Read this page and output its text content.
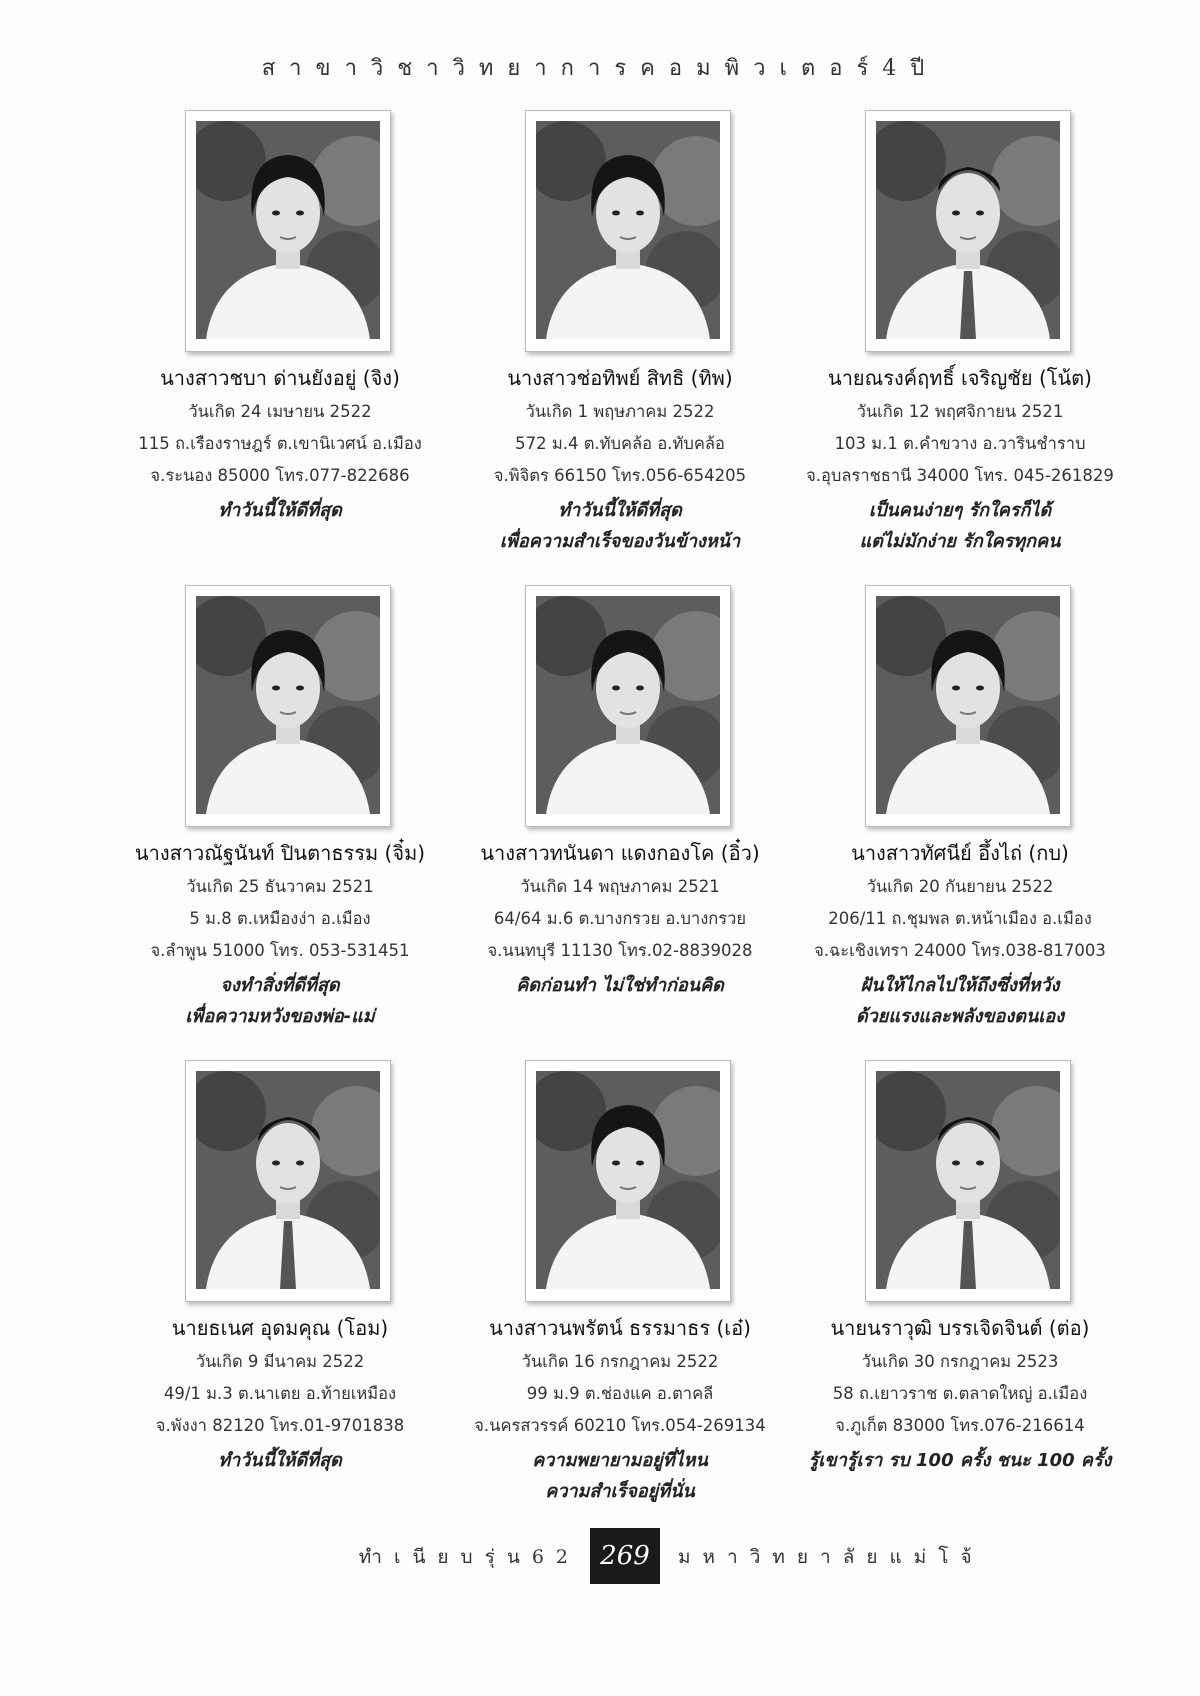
สาขาวิชาวิทยาการคอมพิวเตอร์4ปี

นางสาวชบา ด่านยังอยู่ (จิง)

วันเกิด 24 เมษายน 2522

115 ถ.เรืองราษฎร์ ต.เขานิเวศน์ อ.เมือง

จ.ระนอง 85000 โทร.077-822686

ทำวันนี้ให้ดีที่สุด

นางสาวช่อทิพย์ สิทธิ (ทิพ)

วันเกิด 1 พฤษภาคม 2522

572 ม.4 ต.ทับคล้อ อ.ทับคล้อ

จ.พิจิตร 66150 โทร.056-654205

ทำวันนี้ให้ดีที่สุด

เพื่อความสำเร็จของวันข้างหน้า

นายณรงค์ฤทธิ์ เจริญชัย (โน้ต)

วันเกิด 12 พฤศจิกายน 2521

103 ม.1 ต.คำขวาง อ.วารินชำราบ

จ.อุบลราชธานี 34000 โทร. 045-261829

เป็นคนง่ายๆ รักใครก็ได้

แต่ไม่มักง่าย รักใครทุกคน

นางสาวณัฐนันท์ ปินตาธรรม (จิ๋ม)

วันเกิด 25 ธันวาคม 2521

5 ม.8 ต.เหมืองง่า อ.เมือง

จ.ลำพูน 51000 โทร. 053-531451

จงทำสิ่งที่ดีที่สุด

เพื่อความหวังของพ่อ-แม่

นางสาวทนันดา แดงกองโค (อิ๋ว)

วันเกิด 14 พฤษภาคม 2521

64/64 ม.6 ต.บางกรวย อ.บางกรวย

จ.นนทบุรี 11130 โทร.02-8839028

คิดก่อนทำ ไม่ใช่ทำก่อนคิด

นางสาวทัศนีย์ อึ้งไถ่ (กบ)

วันเกิด 20 กันยายน 2522

206/11 ถ.ชุมพล ต.หน้าเมือง อ.เมือง

จ.ฉะเชิงเทรา 24000 โทร.038-817003

ฝันให้ไกลไปให้ถึงซึ่งที่หวัง

ด้วยแรงและพลังของตนเอง

นายธเนศ อุดมคุณ (โอม)

วันเกิด 9 มีนาคม 2522

49/1 ม.3 ต.นาเตย อ.ท้ายเหมือง

จ.พังงา 82120 โทร.01-9701838

ทำวันนี้ให้ดีที่สุด

นางสาวนพรัตน์ ธรรมาธร (เอ๋)

วันเกิด 16 กรกฎาคม 2522

99 ม.9 ต.ช่องแค อ.ตาคลี

จ.นครสวรรค์ 60210 โทร.054-269134

ความพยายามอยู่ที่ไหน

ความสำเร็จอยู่ที่นั่น

นายนราวุฒิ บรรเจิดจินต์ (ต่อ)

วันเกิด 30 กรกฎาคม 2523

58 ถ.เยาวราช ต.ตลาดใหญ่ อ.เมือง

จ.ภูเก็ต 83000 โทร.076-216614

รู้เขารู้เรา รบ 100 ครั้ง ชนะ 100 ครั้ง

ทำเนียบรุ่น62 269	มหาวิทยาลัยแม่โจ้
